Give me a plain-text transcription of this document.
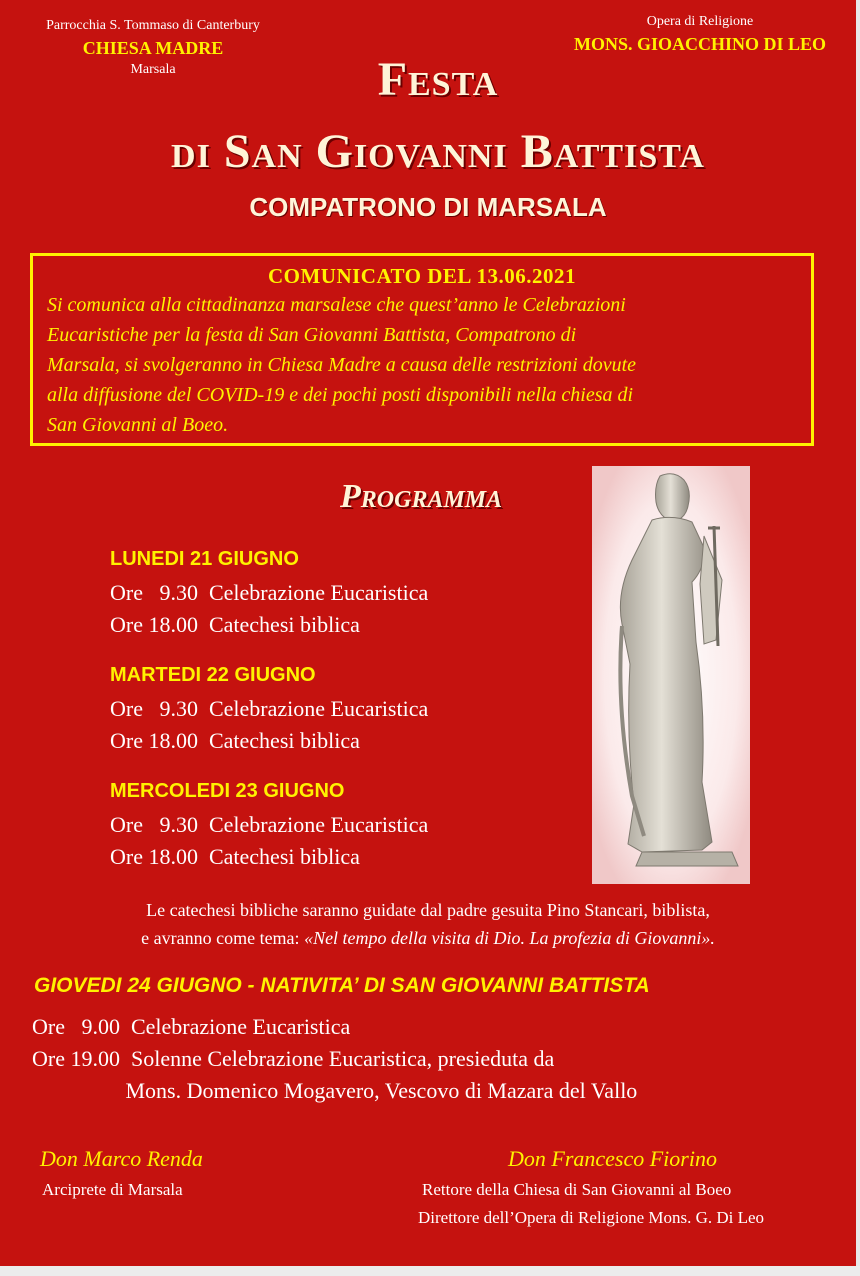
Parrocchia S. Tommaso di Canterbury
CHIESA MADRE
Marsala
Opera di Religione
MONS. GIOACCHINO DI LEO
Festa
di San Giovanni Battista
COMPATRONO DI MARSALA
COMUNICATO DEL 13.06.2021
Si comunica alla cittadinanza marsalese che quest’anno le Celebrazioni
Eucaristiche per la festa di San Giovanni Battista, Compatrono di
Marsala, si svolgeranno in Chiesa Madre a causa delle restrizioni dovute
alla diffusione del COVID-19 e dei pochi posti disponibili nella chiesa di
San Giovanni al Boeo.
Programma
LUNEDI 21 GIUGNO
Ore   9.30  Celebrazione Eucaristica
Ore 18.00  Catechesi biblica
MARTEDI 22 GIUGNO
Ore   9.30  Celebrazione Eucaristica
Ore 18.00  Catechesi biblica
MERCOLEDI 23 GIUGNO
Ore   9.30  Celebrazione Eucaristica
Ore 18.00  Catechesi biblica
Le catechesi bibliche saranno guidate dal padre gesuita Pino Stancari, biblista,
e avranno come tema: «Nel tempo della visita di Dio. La profezia di Giovanni».
GIOVEDI 24 GIUGNO - NATIVITA’ DI SAN GIOVANNI BATTISTA
Ore   9.00  Celebrazione Eucaristica
Ore 19.00  Solenne Celebrazione Eucaristica, presieduta da
Mons. Domenico Mogavero, Vescovo di Mazara del Vallo
Don Marco Renda
Arciprete di Marsala
Don Francesco Fiorino
Rettore della Chiesa di San Giovanni al Boeo
Direttore dell’Opera di Religione Mons. G. Di Leo
